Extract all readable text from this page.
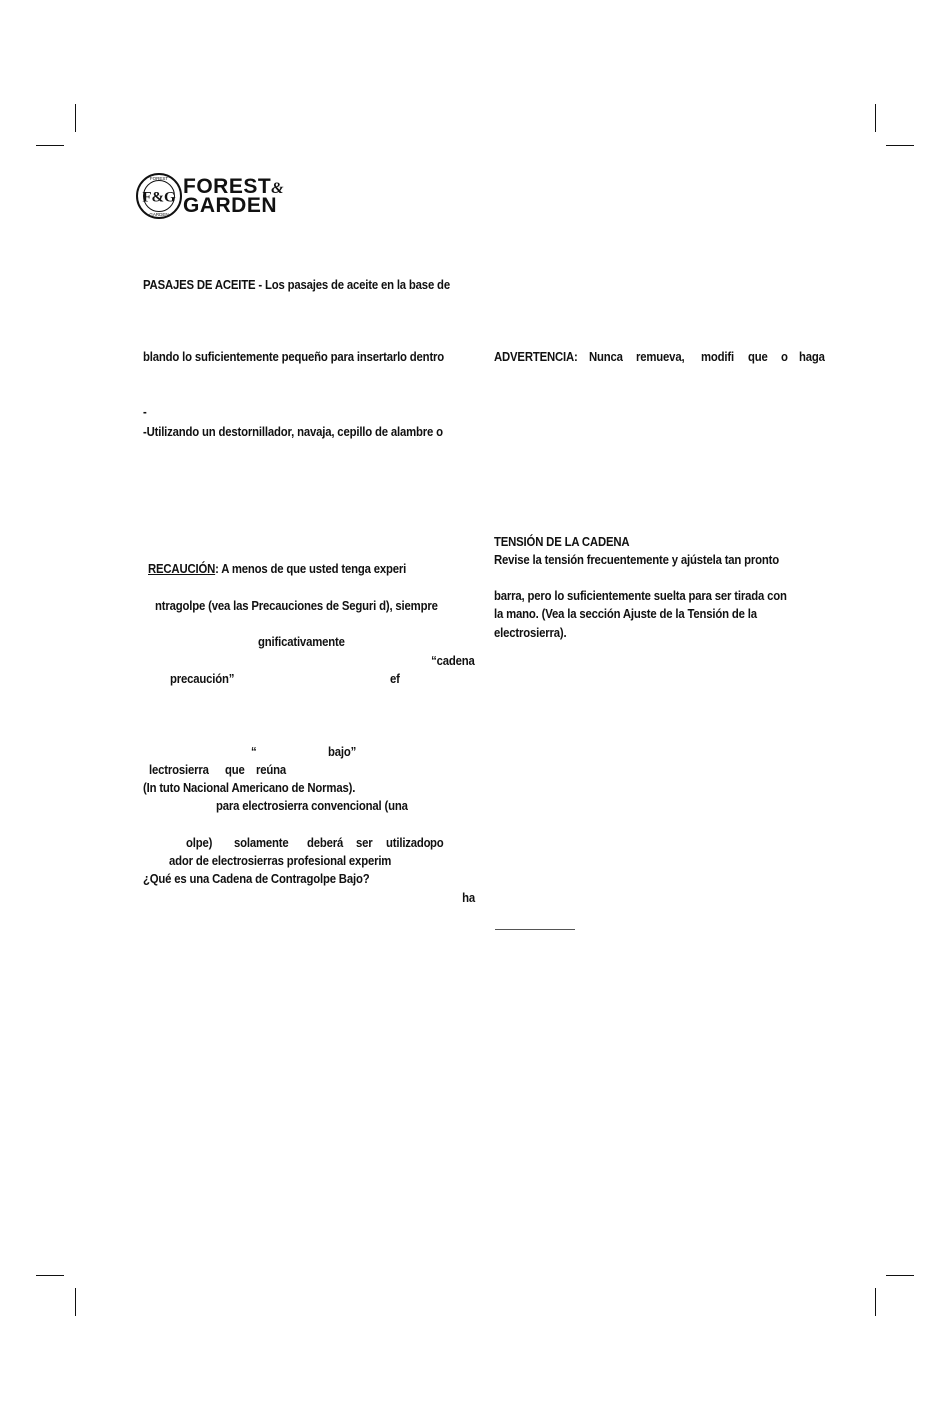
F&G
FOREST
GARDEN
FOREST&
GARDEN
PASAJES DE ACEITE - Los pasajes de aceite en la base de
blando lo suficientemente pequeño para insertarlo dentro
-
-Utilizando un destornillador, navaja, cepillo de alambre o
RECAUCIÓN: A menos de que usted tenga experi
ntragolpe (vea las Precauciones de Seguri d), siempre
gnificativamente
“cadena
precaución”	ef
“	bajo”
lectrosierra que reúna
(In tuto Nacional Americano de Normas).
para electrosierra convencional (una
olpe) solamente deberá ser utilizado po
ador de electrosierras profesional experim
¿Qué es una Cadena de Contragolpe Bajo?
ha
ADVERTENCIA: Nunca remueva, modifi que o haga
TENSIÓN DE LA CADENA
Revise la tensión frecuentemente y ajústela tan pronto
barra, pero lo suficientemente suelta para ser tirada con
la mano. (Vea la sección Ajuste de la Tensión de la
electrosierra).
